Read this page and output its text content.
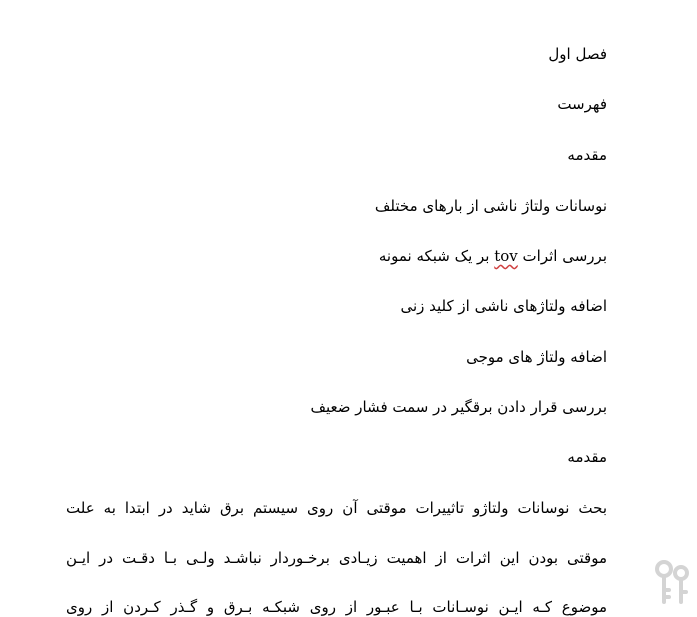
فصل اول
فهرست
مقدمه
نوسانات ولتاژ ناشی از بارهای مختلف
بررسی اثرات tov بر یک شبکه نمونه
اضافه ولتاژهای ناشی از کلید زنی
اضافه ولتاژ های موجی
بررسی قرار دادن برقگیر در سمت فشار ضعیف
مقدمه
بحث نوسانات ولتاژو تاثییرات موقتی آن روی سیستم برق شاید در ابتدا به علت
موقتی بودن این اثرات از اهمیت زیـادی برخـوردار نباشـد ولـی بـا دقـت در ایـن
موضوع کـه ایـن نوسـانات بـا عبـور از روی شبکـه بـرق و گـذر کـردن از روی
